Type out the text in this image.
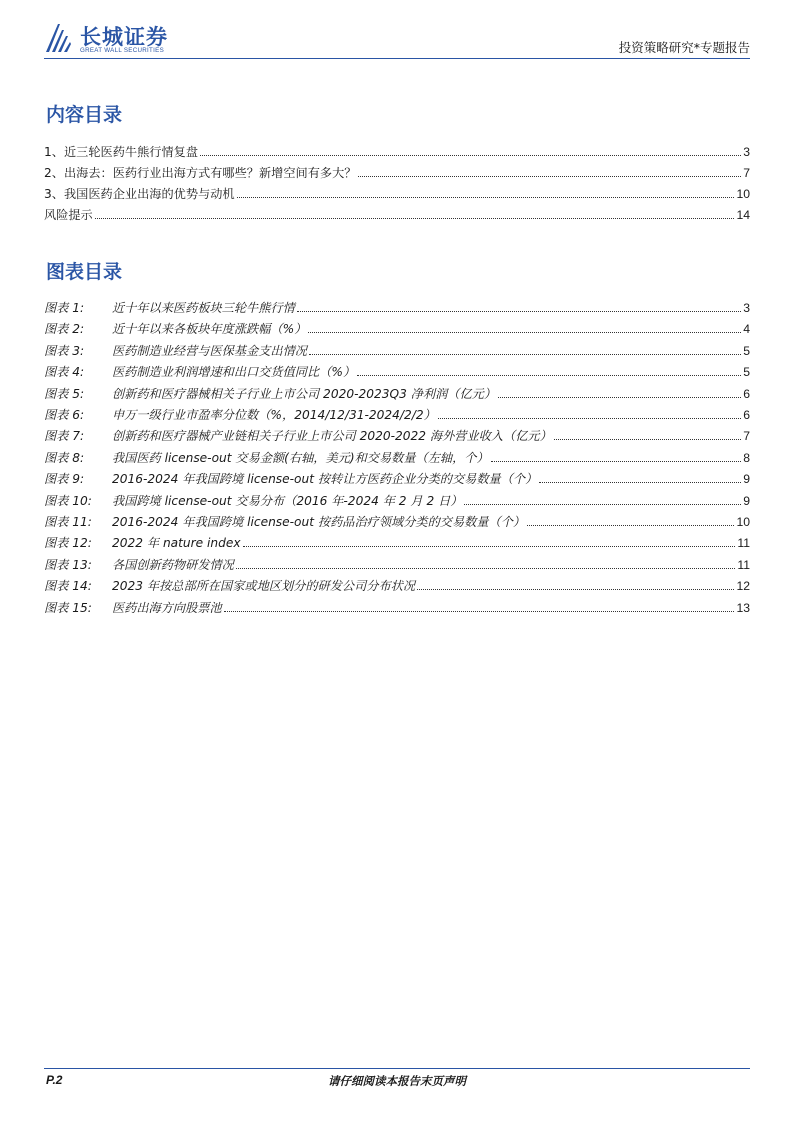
长城证券
GREAT WALL SECURITIES	投资策略研究*专题报告
内容目录
1、近三轮医药牛熊行情复盘	3
2、出海去：医药行业出海方式有哪些？新增空间有多大？	7
3、我国医药企业出海的优势与动机	10
风险提示	14
图表目录
图表 1: 近十年以来医药板块三轮牛熊行情	3
图表 2: 近十年以来各板块年度涨跌幅（%）	4
图表 3: 医药制造业经营与医保基金支出情况	5
图表 4: 医药制造业利润增速和出口交货值同比（%）	5
图表 5: 创新药和医疗器械相关子行业上市公司 2020-2023Q3 净利润（亿元）	6
图表 6: 申万一级行业市盈率分位数（%，2014/12/31-2024/2/2）	6
图表 7: 创新药和医疗器械产业链相关子行业上市公司 2020-2022 海外营业收入（亿元）	7
图表 8: 我国医药 license-out 交易金额(右轴，美元)和交易数量（左轴，个）	8
图表 9: 2016-2024 年我国跨境 license-out 按转让方医药企业分类的交易数量（个）	9
图表 10: 我国跨境 license-out 交易分布（2016 年-2024 年 2 月 2 日）	9
图表 11: 2016-2024 年我国跨境 license-out 按药品治疗领域分类的交易数量（个）	10
图表 12: 2022 年 nature index	11
图表 13: 各国创新药物研发情况	11
图表 14: 2023 年按总部所在国家或地区划分的研发公司分布状况	12
图表 15: 医药出海方向股票池	13
P.2	请仔细阅读本报告末页声明
